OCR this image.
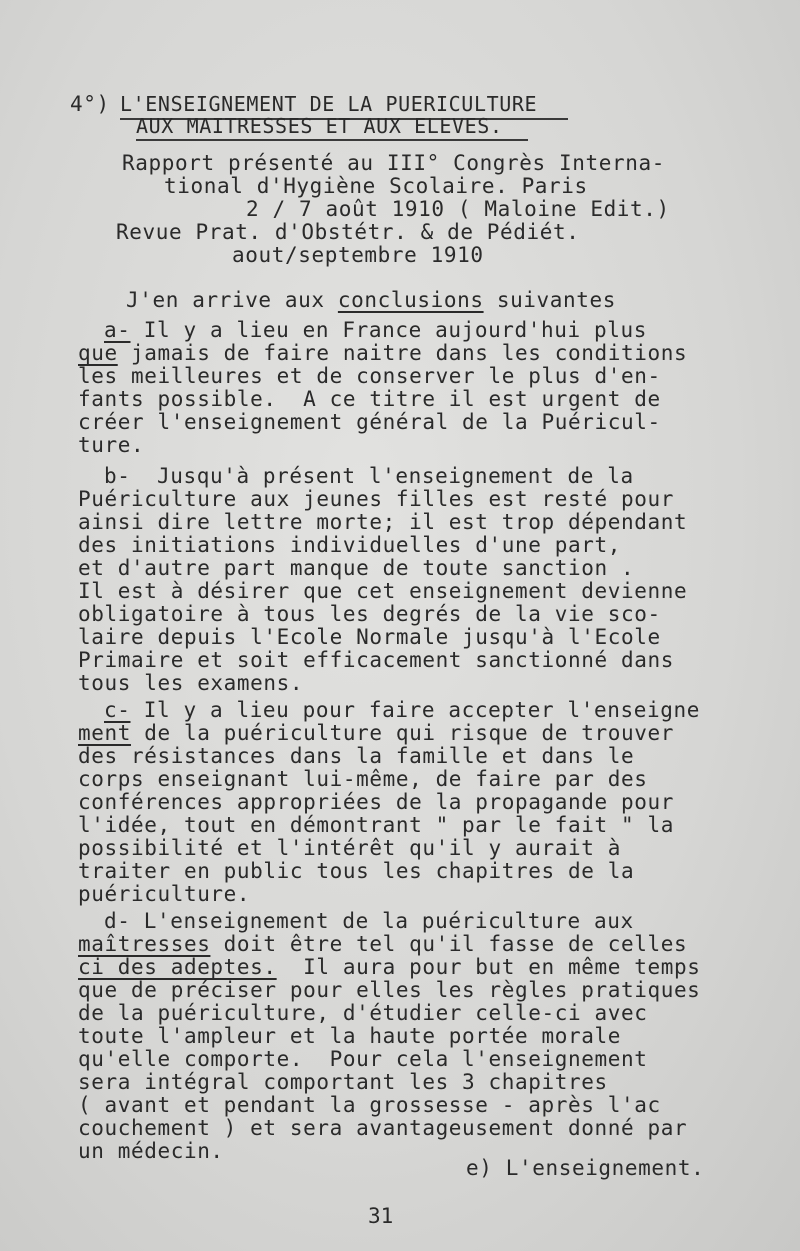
4°) L'ENSEIGNEMENT DE LA PUERICULTURE
AUX MAITRESSES ET AUX ELEVES.
Rapport présenté au III° Congrès Interna-
tional d'Hygiène Scolaire. Paris
2 / 7 août 1910 ( Maloine Edit.)
Revue Prat. d'Obstétr. & de Pédiét.
aout/septembre 1910
J'en arrive aux conclusions suivantes
a- Il y a lieu en France aujourd'hui plus
que jamais de faire naitre dans les conditions
les meilleures et de conserver le plus d'en-
fants possible.  A ce titre il est urgent de
créer l'enseignement général de la Puéricul-
ture.
b-  Jusqu'à présent l'enseignement de la
Puériculture aux jeunes filles est resté pour
ainsi dire lettre morte; il est trop dépendant
des initiations individuelles d'une part,
et d'autre part manque de toute sanction .
Il est à désirer que cet enseignement devienne
obligatoire à tous les degrés de la vie sco-
laire depuis l'Ecole Normale jusqu'à l'Ecole
Primaire et soit efficacement sanctionné dans
tous les examens.
c- Il y a lieu pour faire accepter l'enseigne
ment de la puériculture qui risque de trouver
des résistances dans la famille et dans le
corps enseignant lui-même, de faire par des
conférences appropriées de la propagande pour
l'idée, tout en démontrant " par le fait " la
possibilité et l'intérêt qu'il y aurait à
traiter en public tous les chapitres de la
puériculture.
d- L'enseignement de la puériculture aux
maîtresses doit être tel qu'il fasse de celles
ci des adeptes.  Il aura pour but en même temps
que de préciser pour elles les règles pratiques
de la puériculture, d'étudier celle-ci avec
toute l'ampleur et la haute portée morale
qu'elle comporte.  Pour cela l'enseignement
sera intégral comportant les 3 chapitres
( avant et pendant la grossesse - après l'ac
couchement ) et sera avantageusement donné par
un médecin.
e) L'enseignement.
31
